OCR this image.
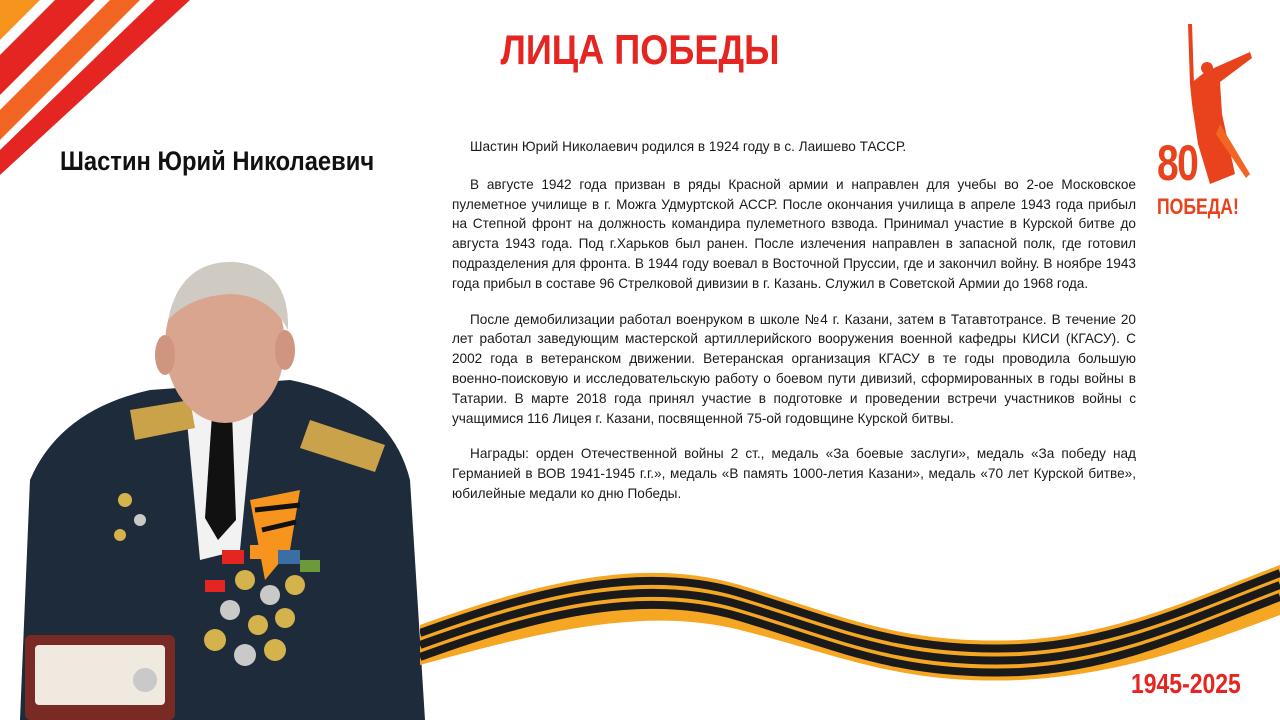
ЛИЦА ПОБЕДЫ
Шастин Юрий Николаевич	Шастин Юрий Николаевич родился в 1924 году в с. Лаишево ТАССР.

В августе 1942 года призван в ряды Красной армии и направлен для учебы во 2-ое Московское пулеметное училище в г. Можга Удмуртской АССР. После окончания училища в апреле 1943 года прибыл на Степной фронт на должность командира пулеметного взвода. Принимал участие в Курской битве до августа 1943 года. Под г.Харьков был ранен. После излечения направлен в запасной полк, где готовил подразделения для фронта. В 1944 году воевал в Восточной Пруссии, где и закончил войну. В ноябре 1943 года прибыл в составе 96 Стрелковой дивизии в г. Казань. Служил в Советской Армии до 1968 года.

После демобилизации работал военруком в школе №4 г. Казани, затем в Татавтотрансе. В течение 20 лет работал заведующим мастерской артиллерийского вооружения военной кафедры КИСИ (КГАСУ). С 2002 года в ветеранском движении. Ветеранская организация КГАСУ в те годы проводила большую военно-поисковую и исследовательскую работу о боевом пути дивизий, сформированных в годы войны в Татарии. В марте 2018 года принял участие в подготовке и проведении встречи участников войны с учащимися 116 Лицея г. Казани, посвященной 75-ой годовщине Курской битвы.

Награды: орден Отечественной войны 2 ст., медаль «За боевые заслуги», медаль «За победу над Германией в ВОВ 1941-1945 г.г.», медаль «В память 1000-летия Казани», медаль «70 лет Курской битве», юбилейные медали ко дню Победы.

80
ПОБЕДА!
1945-2025
